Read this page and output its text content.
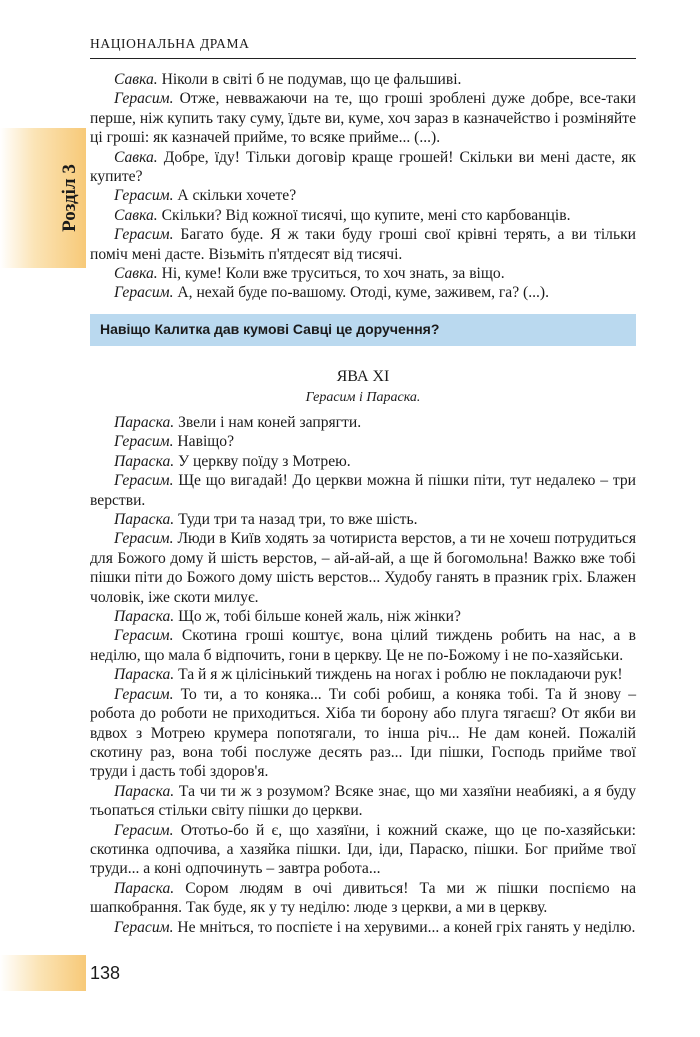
НАЦІОНАЛЬНА ДРАМА
Розділ 3

Савка. Ніколи в світі б не подумав, що це фальшиві.

Герасим. Отже, невважаючи на те, що гроші зроблені дуже добре, все-таки перше, ніж купить таку суму, їдьте ви, куме, хоч зараз в казначейство і розміняйте ці гроші: як казначей прийме, то всяке прийме... (...).

Савка. Добре, їду! Тільки договір краще грошей! Скільки ви мені дасте, як купите?

Герасим. А скільки хочете?

Савка. Скільки? Від кожної тисячі, що купите, мені сто карбованців.

Герасим. Багато буде. Я ж таки буду гроші свої крівні терять, а ви тільки поміч мені дасте. Візьміть п'ятдесят від тисячі.

Савка. Ні, куме! Коли вже труситься, то хоч знать, за віщо.

Герасим. А, нехай буде по-вашому. Отоді, куме, заживем, га? (...).

Навіщо Калитка дав кумові Савці це доручення?
ЯВА XI
Герасим і Параска.

Параска. Звели і нам коней запрягти.

Герасим. Навіщо?

Параска. У церкву поїду з Мотрею.

Герасим. Ще що вигадай! До церкви можна й пішки піти, тут недалеко – три верстви.

Параска. Туди три та назад три, то вже шість.

Герасим. Люди в Київ ходять за чотириста верстов, а ти не хочеш потрудиться для Божого дому й шість верстов, – ай-ай-ай, а ще й богомольна! Важко вже тобі пішки піти до Божого дому шість верстов... Худобу ганять в празник гріх. Блажен чоловік, іже скоти милує.

Параска. Що ж, тобі більше коней жаль, ніж жінки?

Герасим. Скотина гроші коштує, вона цілий тиждень робить на нас, а в неділю, що мала б відпочить, гони в церкву. Це не по-Божому і не по-хазяйськи.

Параска. Та й я ж цілісінький тиждень на ногах і роблю не покладаючи рук!

Герасим. То ти, а то коняка... Ти собі робиш, а коняка тобі. Та й знову – робота до роботи не приходиться. Хіба ти борону або плуга тягаєш? От якби ви вдвох з Мотрею крумера попотягали, то інша річ... Не дам коней. Пожалій скотину раз, вона тобі послуже десять раз... Іди пішки, Господь прийме твої труди і дасть тобі здоров'я.

Параска. Та чи ти ж з розумом? Всяке знає, що ми хазяїни неабиякі, а я буду тьопаться стільки світу пішки до церкви.

Герасим. Ототьо-бо й є, що хазяїни, і кожний скаже, що це по-хазяйськи: скотинка одпочива, а хазяйка пішки. Іди, іди, Параско, пішки. Бог прийме твої труди... а коні одпочинуть – завтра робота...

Параска. Сором людям в очі дивиться! Та ми ж пішки поспіємо на шапкобрання. Так буде, як у ту неділю: люде з церкви, а ми в церкву.

Герасим. Не мніться, то поспієте і на херувими... а коней гріх ганять у неділю.

138
